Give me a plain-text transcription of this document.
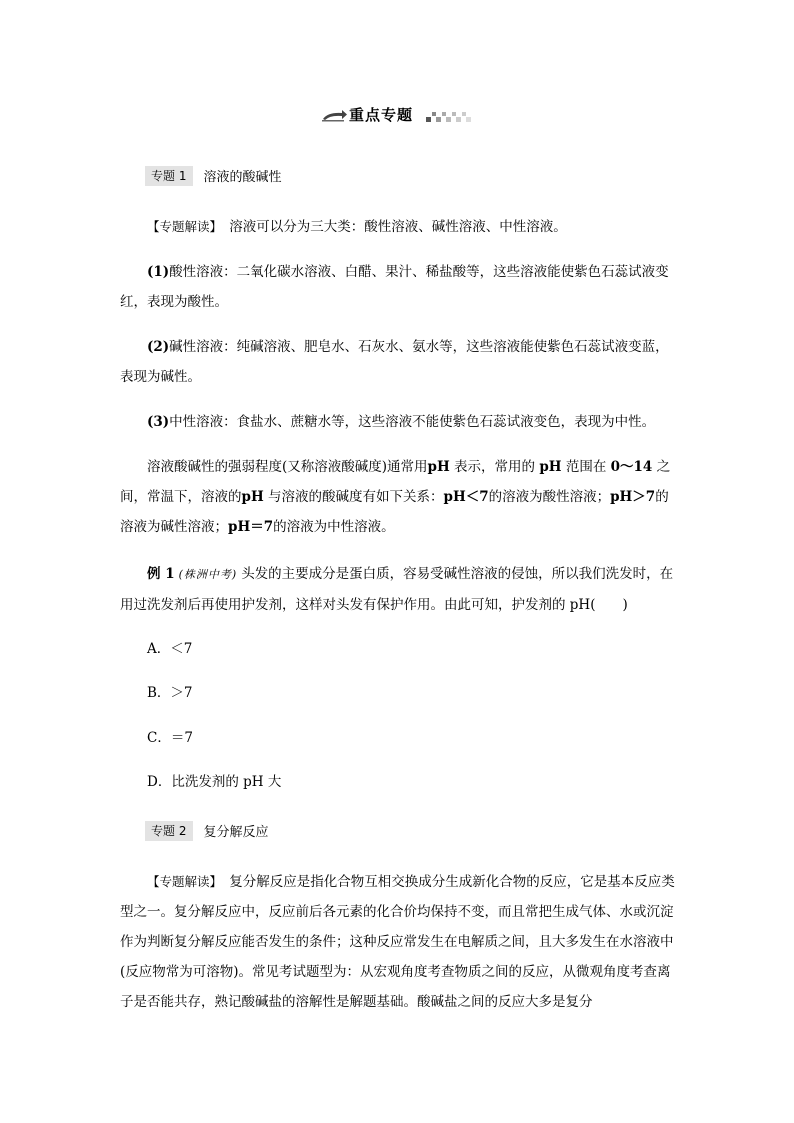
重点专题
专题 1 溶液的酸碱性

【专题解读】　 溶液可以分为三大类：酸性溶液、碱性溶液、中性溶液。

(1)酸性溶液：二氧化碳水溶液、白醋、果汁、稀盐酸等，这些溶液能使紫色石蕊试液变红，表现为酸性。

(2)碱性溶液：纯碱溶液、肥皂水、石灰水、氨水等，这些溶液能使紫色石蕊试液变蓝，表现为碱性。

(3)中性溶液：食盐水、蔗糖水等，这些溶液不能使紫色石蕊试液变色，表现为中性。

溶液酸碱性的强弱程度(又称溶液酸碱度)通常用pH 表示，常用的 pH 范围在 0～14 之间，常温下，溶液的pH 与溶液的酸碱度有如下关系：pH＜7的溶液为酸性溶液；pH＞7的溶液为碱性溶液；pH＝7的溶液为中性溶液。

例 1 (株洲中考) 头发的主要成分是蛋白质，容易受碱性溶液的侵蚀，所以我们洗发时，在用过洗发剂后再使用护发剂，这样对头发有保护作用。由此可知，护发剂的 pH(　　)

A．＜7
B．＞7
C．＝7
D．比洗发剂的 pH 大
专题 2 复分解反应

【专题解读】　 复分解反应是指化合物互相交换成分生成新化合物的反应，它是基本反应类型之一。复分解反应中，反应前后各元素的化合价均保持不变，而且常把生成气体、水或沉淀作为判断复分解反应能否发生的条件；这种反应常发生在电解质之间，且大多发生在水溶液中(反应物常为可溶物)。常见考试题型为：从宏观角度考查物质之间的反应，从微观角度考查离子是否能共存，熟记酸碱盐的溶解性是解题基础。酸碱盐之间的反应大多是复分
